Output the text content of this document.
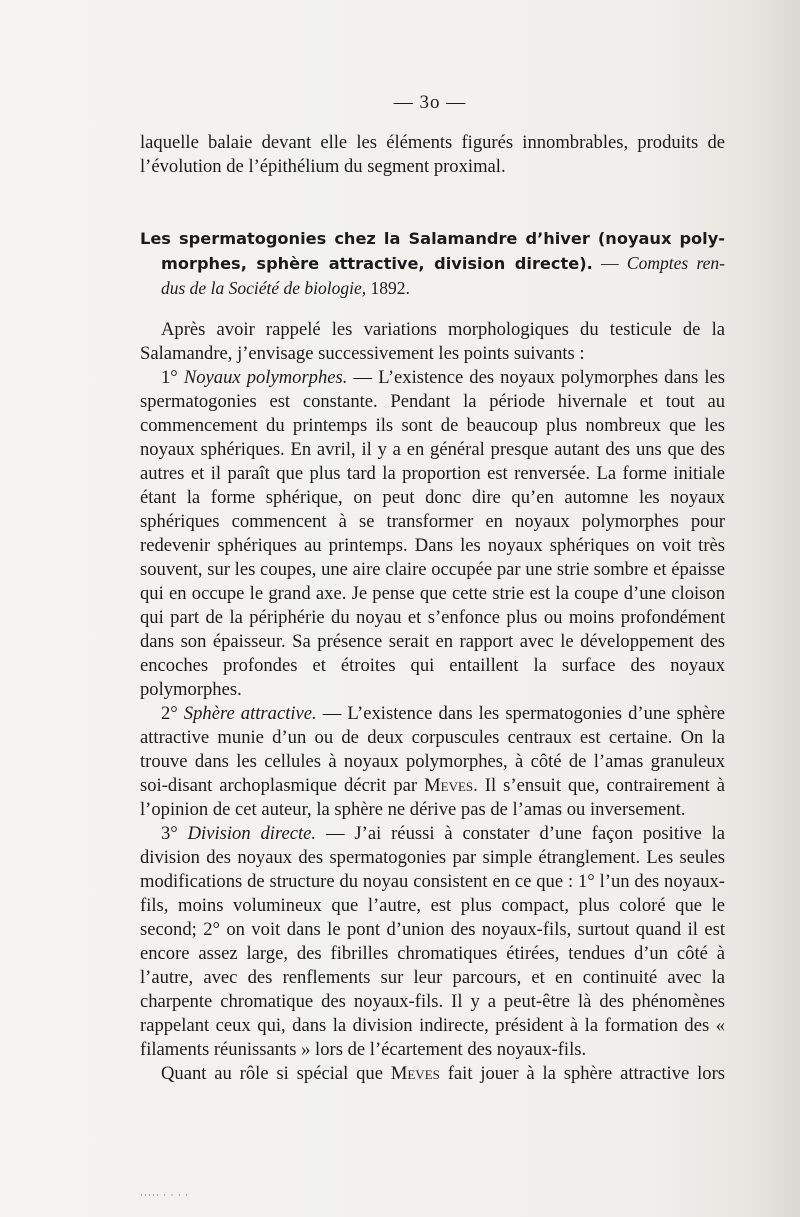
— 3o —

laquelle balaie devant elle les éléments figurés innombrables, produits de

l’évolution de l’épithélium du segment proximal.

Les spermatogonies chez la Salamandre d’hiver (noyaux poly-
morphes, sphère attractive, division directe). — Comptes ren-
dus de la Société de biologie, 1892.

Après avoir rappelé les variations morphologiques du testicule de la Salamandre, j’envisage successivement les points suivants :

1° Noyaux polymorphes. — L’existence des noyaux polymorphes dans les spermatogonies est constante. Pendant la période hivernale et tout au commencement du printemps ils sont de beaucoup plus nombreux que les noyaux sphériques. En avril, il y a en général presque autant des uns que des autres et il paraît que plus tard la proportion est renversée. La forme initiale étant la forme sphérique, on peut donc dire qu’en automne les noyaux sphériques commencent à se transformer en noyaux polymorphes pour redevenir sphériques au printemps. Dans les noyaux sphériques on voit très souvent, sur les coupes, une aire claire occupée par une strie sombre et épaisse qui en occupe le grand axe. Je pense que cette strie est la coupe d’une cloison qui part de la périphérie du noyau et s’enfonce plus ou moins profondément dans son épaisseur. Sa présence serait en rapport avec le développement des encoches profondes et étroites qui entaillent la surface des noyaux polymorphes.

2° Sphère attractive. — L’existence dans les spermatogonies d’une sphère attractive munie d’un ou de deux corpuscules centraux est certaine. On la trouve dans les cellules à noyaux polymorphes, à côté de l’amas granuleux soi-disant archoplasmique décrit par Meves. Il s’ensuit que, contrairement à l’opinion de cet auteur, la sphère ne dérive pas de l’amas ou inversement.

3° Division directe. — J’ai réussi à constater d’une façon positive la division des noyaux des spermatogonies par simple étranglement. Les seules modifications de structure du noyau consistent en ce que : 1° l’un des noyaux-fils, moins volumineux que l’autre, est plus compact, plus coloré que le second; 2° on voit dans le pont d’union des noyaux-fils, surtout quand il est encore assez large, des fibrilles chromatiques étirées, tendues d’un côté à l’autre, avec des renflements sur leur parcours, et en continuité avec la charpente chromatique des noyaux-fils. Il y a peut-être là des phénomènes rappelant ceux qui, dans la division indirecte, président à la formation des « filaments réunissants » lors de l’écartement des noyaux-fils.

Quant au rôle si spécial que Meves fait jouer à la sphère attractive lors

····· · · · ·
